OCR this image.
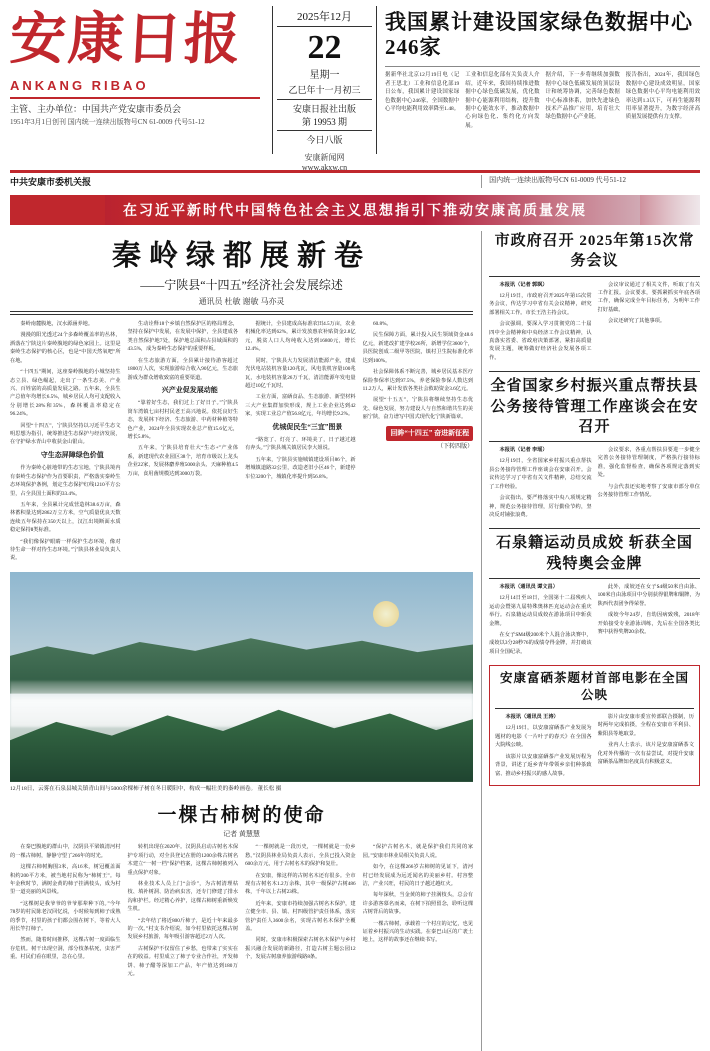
安康日报
ANKANG RIBAO
主管、主办单位：中国共产党安康市委员会
1951年3月1日创刊 国内统一连续出版物号CN 61-0009 代号51-12
2025年12月
22
星期一
乙巳年十一月初三
安康日报社出版
第 19953 期
今日八版
安康新闻网
www.akxw.cn
我国累计建设国家绿色数据中心246家
据新华社北京12月19日电（记者王思北）工业和信息化部19日公布，我国累计建设国家绿色数据中心246家，全国数据中心平均电能利用效率降至1.48。
工业和信息化部有关负责人介绍，近年来，我国持续推进数据中心绿色低碳发展，优化数据中心能源利用结构，提升数据中心能效水平，推动数据中心向绿色化、集约化方向发展。
据介绍，下一步将继续加强数据中心绿色低碳发展的顶层设计和统筹协调，完善绿色数据中心标准体系，加快先进绿色技术产品推广应用，培育壮大绿色数据中心产业链。
报告指出，2024年，我国绿色数据中心建设成效明显，国家绿色数据中心平均电能利用效率达到1.3以下，可再生能源利用率显著提升，为数字经济高质量发展提供有力支撑。
中共安康市委机关报	国内统一连续出版物号CN 61-0009 代号51-12
在习近平新时代中国特色社会主义思想指引下推动安康高质量发展
秦岭绿都展新卷
——宁陕县“十四五”经济社会发展综述
通讯员 杜敏 谢敏 马亦灵

秦岭南麓腹地，汉水源涵养地。

漫漫的阳光透过24个多森岭覆盖率的丛林，洒落在宁陕这片秦岭腹地的绿色家园上。这里是秦岭生态保护的核心区，也是“中国天然氧吧”所在地。

“十四五”期间，这座秦岭腹地的小城坚持生态立县、绿色崛起，走出了一条生态美、产业兴、百姓富的高质量发展之路。五年来，全县生产总值年均增长6.5%，城乡居民人均可支配收入分别增长28%和35%，森林覆盖率稳定在96.24%。

回望“十四五”，宁陕县坚持以习近平生态文明思想为指引，统筹推进生态保护与经济发展，在守护绿水青山中收获金山银山。

守生态屏障绿色价值

作为秦岭心脏地带的生态宝地，宁陕县境内有秦岭生态保护作为首要职责，严格落实秦岭生态环境保护条例，划定生态保护红线1210平方公里，占全县国土面积的33.4%。

五年来，全县累计完成营造林38.6万亩，森林蓄积量达到2862万立方米，空气质量优良天数连续五年保持在350天以上，汉江出境断面水质稳定保持Ⅱ类标准。

“我们像保护眼睛一样保护生态环境，像对待生命一样对待生态环境。”宁陕县林业局负责人说。

生动诠释18个乡镇自然保护区的格局理念，坚持在保护中发展，在发展中保护，全县建成各类自然保护地7处，保护地总面积占县域面积的43.5%，成为秦岭生态保护的重要样板。

在生态旅游方面，全县累计接待游客超过1800万人次，实现旅游综合收入90亿元，生态旅游成为群众增收致富的重要渠道。

兴产业促发展动能

“靠着好生态，我们过上了好日子。”宁陕县筒车湾镇七亩村村民老王高兴地说。依托良好生态，发展林下经济、生态旅游、中药材种植等特色产业，2024年全县实现农业总产值15.6亿元，增长5.8%。

五年来，宁陕县培育壮大“生态+”产业体系，新建现代农业园区38个，培育市级以上龙头企业22家，发展林麝养殖5000余头、天麻种植4.5万亩，食用菌规模达到3000万袋。

据统计，全县建成高标准农田4.5万亩，农业机械化率达到62%，累计发放惠农补贴资金2.8亿元，脱贫人口人均纯收入达到16800元，增长12.4%。

同时，宁陕县大力发展清洁能源产业，建成光伏电站装机容量120兆瓦，风电装机容量100兆瓦，水电装机容量26万千瓦，清洁能源年发电量超过10亿千瓦时。

工业方面，富硒食品、生态旅游、新型材料三大产业集群加快形成，规上工业企业达到42家，实现工业总产值56.8亿元，年均增长9.2%。

优城促民生“三宜”图景

“路宽了、灯亮了、环境美了，日子越过越有奔头。”宁陕县城关镇居民李大姐说。

五年来，宁陕县实施城镇建设项目86个，新增城镇道路32公里，改造老旧小区46个，新建停车位3200个，城镇化率提升到56.8%。

60.8%。

民生保障方面，累计投入民生领域资金48.6亿元，新建改扩建学校26所，新增学位3600个，县医院创成二级甲等医院，镇村卫生院标准化率达到100%。

社会保障体系不断完善，城乡居民基本医疗保险参保率达到97.5%，养老保险参保人数达到11.2万人，累计发放各类社会救助资金3.6亿元。

展望“十五五”，宁陕县将继续坚持生态优先、绿色发展，努力建设人与自然和谐共生的美丽宁陕，奋力谱写中国式现代化宁陕新篇章。

回眸“十四五” 奋进新征程
（下转四版）
12月18日，云雾在石泉县城关镇青山间与5000余棵柿子树在冬日暖阳中，构成一幅壮美的秦岭画卷。 董长松 摄
一棵古柿树的使命
记者 黄慧慧

在秦巴腹地的群山中，汉阴县平梁镇清河村的一棵古柿树，静静守望了266年的时光。

这棵古柿树胸围3米，高16米，树冠覆盖面积约200平方米，被当地村民称为“柿树王”。每年金秋时节，满树金黄的柿子挂满枝头，成为村里一道亮丽的风景线。

“这棵树是我爷爷的爷爷那辈种下的。”今年78岁的村民陈老汉回忆说，小时候每到柿子成熟的季节，村里的孩子们都会围在树下，等着大人用长竿打柿子。

然而，随着时间推移，这棵古树一度面临生存危机。树干出现空洞，部分枝条枯死，虫害严重。村民们看在眼里，急在心里。

转机出现在2020年。汉阴县启动古树名木保护专项行动，对全县登记在册的1200余株古树名木建立“一树一档”保护档案，这棵古柿树被列入重点保护对象。

林业技术人员上门“会诊”，为古树清理枯枝、填补树洞、防治病虫害，还专门修建了排水沟和护栏。经过精心养护，这棵古柿树重新焕发生机。

“去年结了将近800斤柿子，是近十年来最多的一次。”村支书介绍说，如今村里依托这棵古树发展乡村旅游，每年吸引游客超过2万人次。

古树保护不仅留住了乡愁，也带来了实实在在的收益。村里成立了柿子专业合作社，开发柿饼、柿子醋等深加工产品，年产值达到180万元。

“一棵树就是一段历史，一棵树就是一份乡愁。”汉阴县林业局负责人表示，全县已投入资金600余万元，用于古树名木的保护和复壮。

在安康，像这样的古树名木还有很多。全市现有古树名木1.2万余株，其中一级保护古树486株，千年以上古树23株。

近年来，安康市持续加强古树名木保护，建立健全市、县、镇、村四级管护责任体系，落实管护责任人3600余名，实现古树名木保护全覆盖。

同时，安康市积极探索古树名木保护与乡村振兴融合发展的新路径，打造古树主题公园12个，发展古树康养旅游线路8条。

“保护古树名木，就是保护我们共同的家园。”安康市林业局相关负责人说。

如今，在这棵266岁古柿树的见证下，清河村已经发展成为远近闻名的美丽乡村。村容整洁，产业兴旺，村民的日子越过越红火。

每年深秋，当金黄的柿子挂满枝头，总会有许多游客慕名而来，在树下拍照留念，聆听这棵古树背后的故事。

一棵古柿树，承载着一个村庄的记忆，也见证着乡村振兴的生动实践。在秦巴山区的广袤土地上，这样的故事还在继续书写。

市政府召开 2025年第15次常务会议

本报讯（记者 郭飒）

12月19日，市政府召开2025年第15次常务会议，传达学习中省有关会议精神，研究部署相关工作。市长王浩主持会议。

会议强调，要深入学习贯彻党的二十届四中全会精神和中央经济工作会议精神，认真落实省委、省政府决策部署，紧扣高质量发展主题，统筹做好经济社会发展各项工作。

会议审议通过了相关文件，听取了有关工作汇报。会议要求，要抓紧抓实年底各项工作，确保完成全年目标任务，为明年工作打好基础。

会议还研究了其他事项。

全省国家乡村振兴重点帮扶县 公务接待管理工作座谈会在安召开

本报讯（记者 李瑶）

12月19日，全省国家乡村振兴重点帮扶县公务接待管理工作座谈会在安康召开。会议传达学习了中省有关文件精神，总结交流了工作经验。

会议指出，要严格落实中央八项规定精神，规范公务接待管理，厉行勤俭节约，坚决反对铺张浪费。

会议要求，各重点帮扶县要进一步健全完善公务接待管理制度，严格执行接待标准，强化监督检查，确保各项规定落到实处。

与会代表还实地考察了安康市部分单位公务接待管理工作情况。

石泉籍运动员成姣 斩获全国残特奥会金牌

本报讯（通讯员 谭文昌）

12月14日至18日，全国第十二届残疾人运动会暨第九届特殊奥林匹克运动会在重庆举行。石泉籍运动员成姣在游泳项目中斩获金牌。

在女子SM4级200米个人混合泳决赛中，成姣以3分28秒76的成绩夺得金牌，并打破该项目全国纪录。

此外，成姣还在女子S4级50米自由泳、100米自由泳项目中分别获得银牌和铜牌，为陕西代表团争得荣誉。

成姣今年24岁，自幼因病致残，2018年开始接受专业游泳训练，先后在全国各类比赛中获得奖牌20余枚。

安康富硒茶题材首部电影在全国公映

本报讯（通讯员 王涛）

12月19日，以安康富硒茶产业发展为题材的电影《一片叶子的春天》在全国各大院线公映。

该影片以安康富硒茶产业发展历程为背景，讲述了返乡青年带领乡亲们种茶致富、推动乡村振兴的感人故事。

影片由安康市委宣传部联合摄制，历时两年完成拍摄，全程在安康市平利县、紫阳县等地取景。

业内人士表示，该片是安康富硒茶文化对外传播的一次有益尝试，对提升安康富硒茶品牌知名度具有积极意义。
